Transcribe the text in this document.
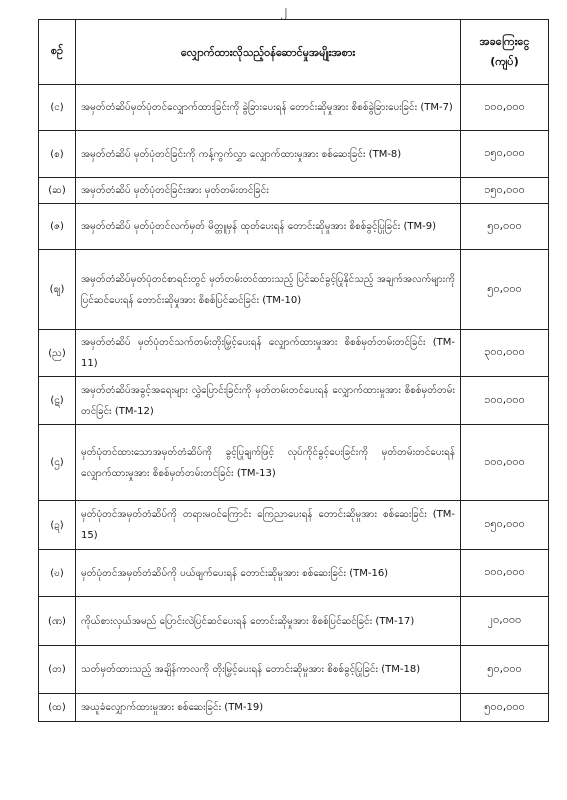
၂
စဉ်	လျှောက်ထားလိုသည့်ဝန်ဆောင်မှုအမျိုးအစား	အခကြေးငွေ
(ကျပ်)

(င)	အမှတ်တံဆိပ်မှတ်ပုံတင်လျှောက်ထားခြင်းကို ခွဲခြားပေးရန် တောင်းဆိုမှုအား စိစစ်ခွဲခြားပေးခြင်း (TM-7)	၁၀၀,၀၀၀
(စ)	အမှတ်တံဆိပ် မှတ်ပုံတင်ခြင်းကို ကန့်ကွက်လွှာ လျှောက်ထားမှုအား စစ်ဆေးခြင်း (TM-8)	၁၅၀,၀၀၀
(ဆ)	အမှတ်တံဆိပ် မှတ်ပုံတင်ခြင်းအား မှတ်တမ်းတင်ခြင်း	၁၅၀,၀၀၀
(ဇ)	အမှတ်တံဆိပ် မှတ်ပုံတင်လက်မှတ် မိတ္တူမှန် ထုတ်ပေးရန် တောင်းဆိုမှုအား စိစစ်ခွင့်ပြုခြင်း (TM-9)	၅၀,၀၀၀
(ဈ)	အမှတ်တံဆိပ်မှတ်ပုံတင်စာရင်းတွင် မှတ်တမ်းတင်ထားသည့် ပြင်ဆင်ခွင့်ပြုနိုင်သည့် အချက်အလက်များကို ပြင်ဆင်ပေးရန် တောင်းဆိုမှုအား စိစစ်ပြင်ဆင်ခြင်း (TM-10)	၅၀,၀၀၀
(ည)	အမှတ်တံဆိပ် မှတ်ပုံတင်သက်တမ်းတိုးမြှင့်ပေးရန် လျှောက်ထားမှုအား စိစစ်မှတ်တမ်းတင်ခြင်း (TM-11)	၃၀၀,၀၀၀
(ဋ)	အမှတ်တံဆိပ်အခွင့်အရေးများ လွှဲပြောင်းခြင်းကို မှတ်တမ်းတင်ပေးရန် လျှောက်ထားမှုအား စိစစ်မှတ်တမ်းတင်ခြင်း (TM-12)	၁၀၀,၀၀၀
(ဌ)	မှတ်ပုံတင်ထားသောအမှတ်တံဆိပ်ကို ခွင့်ပြုချက်ဖြင့် လုပ်ကိုင်ခွင့်ပေးခြင်းကို မှတ်တမ်းတင်ပေးရန် လျှောက်ထားမှုအား စိစစ်မှတ်တမ်းတင်ခြင်း (TM-13)	၁၀၀,၀၀၀
(ဍ)	မှတ်ပုံတင်အမှတ်တံဆိပ်ကို တရားမဝင်ကြောင်း ကြေညာပေးရန် တောင်းဆိုမှုအား စစ်ဆေးခြင်း (TM-15)	၁၅၀,၀၀၀
(ဎ)	မှတ်ပုံတင်အမှတ်တံဆိပ်ကို ပယ်ဖျက်ပေးရန် တောင်းဆိုမှုအား စစ်ဆေးခြင်း (TM-16)	၁၀၀,၀၀၀
(ဏ)	ကိုယ်စားလှယ်အမည် ပြောင်းလဲပြင်ဆင်ပေးရန် တောင်းဆိုမှုအား စိစစ်ပြင်ဆင်ခြင်း (TM-17)	၂၀,၀၀၀
(တ)	သတ်မှတ်ထားသည့် အချိန်ကာလကို တိုးမြှင့်ပေးရန် တောင်းဆိုမှုအား စိစစ်ခွင့်ပြုခြင်း (TM-18)	၅၀,၀၀၀
(ထ)	အယူခံလျှောက်ထားမှုအား စစ်ဆေးခြင်း (TM-19)	၅၀၀,၀၀၀
